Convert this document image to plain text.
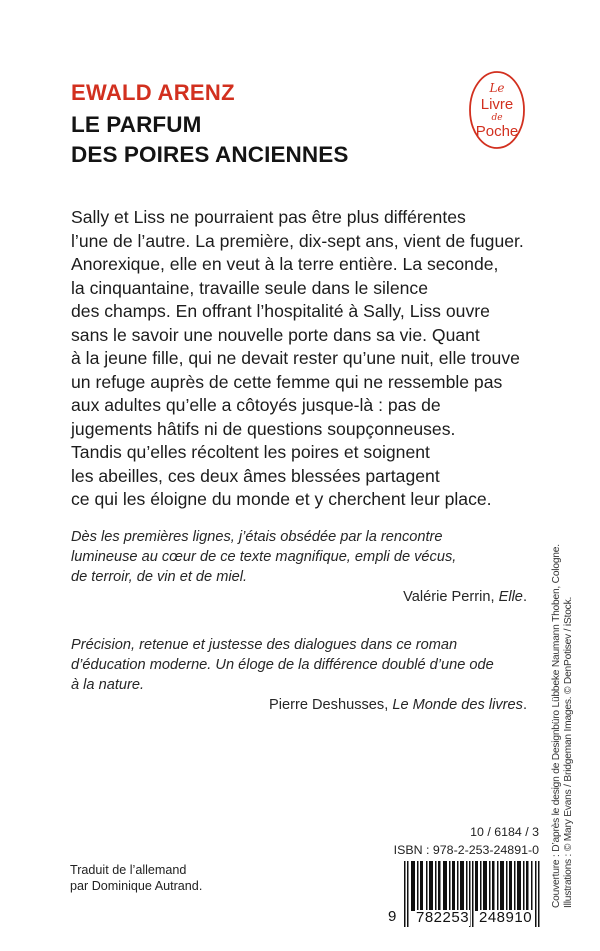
EWALD ARENZ
LE PARFUM
DES POIRES ANCIENNES
Le
Livre
de
Poche
Sally et Liss ne pourraient pas être plus différentes
l’une de l’autre. La première, dix-sept ans, vient de fuguer.
Anorexique, elle en veut à la terre entière. La seconde,
la cinquantaine, travaille seule dans le silence
des champs. En offrant l’hospitalité à Sally, Liss ouvre
sans le savoir une nouvelle porte dans sa vie. Quant
à la jeune fille, qui ne devait rester qu’une nuit, elle trouve
un refuge auprès de cette femme qui ne ressemble pas
aux adultes qu’elle a côtoyés jusque-là : pas de
jugements hâtifs ni de questions soupçonneuses.
Tandis qu’elles récoltent les poires et soignent
les abeilles, ces deux âmes blessées partagent
ce qui les éloigne du monde et y cherchent leur place.
Dès les premières lignes, j’étais obsédée par la rencontre
lumineuse au cœur de ce texte magnifique, empli de vécus,
de terroir, de vin et de miel.
Valérie Perrin, Elle.
Précision, retenue et justesse des dialogues dans ce roman
d’éducation moderne. Un éloge de la différence doublé d’une ode
à la nature.
Pierre Deshusses, Le Monde des livres. Couverture : D’après le design de Designbüro Lübbeke Naumann Thoben, Cologne. Illustrations : © Mary Evans / Bridgeman Images. © DenPotisev / iStock.
Traduit de l’allemand
par Dominique Autrand.
10 / 6184 / 3
ISBN : 978-2-253-24891-0
9 782253 248910
